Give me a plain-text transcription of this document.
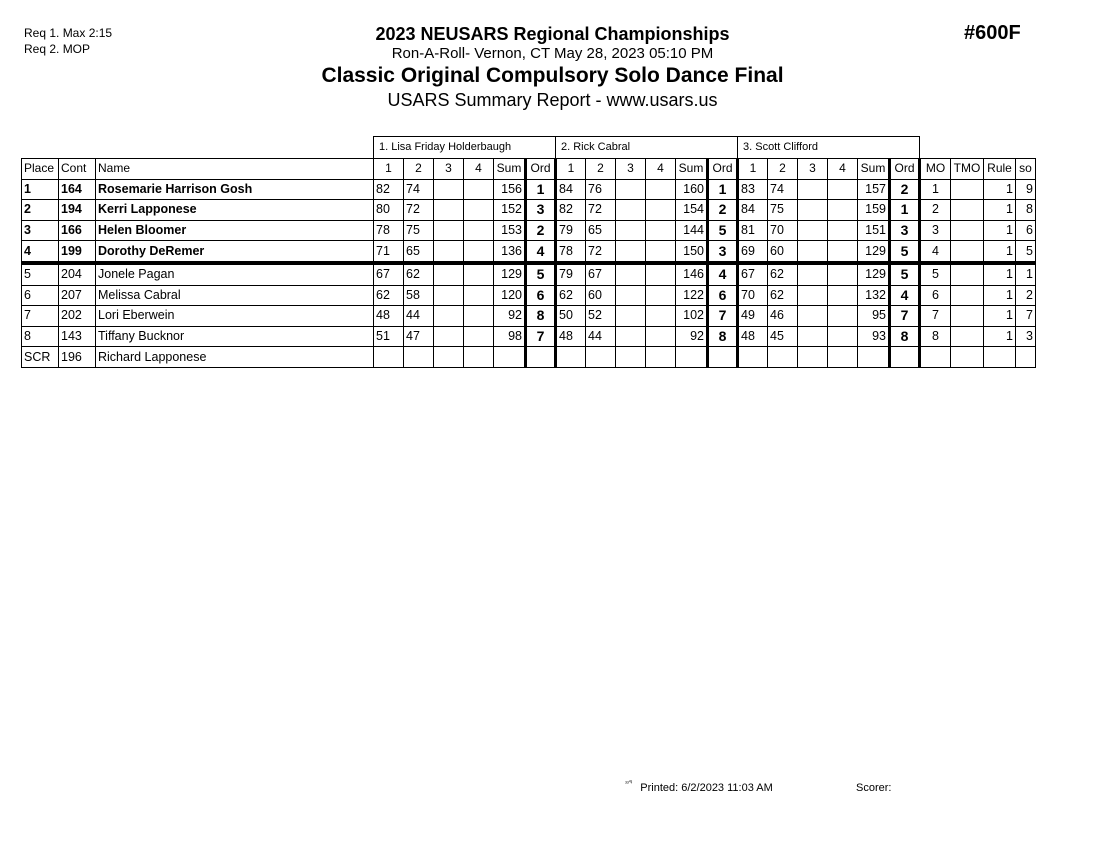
Req 1. Max 2:15
Req 2. MOP
#600F
2023 NEUSARS Regional Championships
Ron-A-Roll- Vernon, CT May 28, 2023 05:10 PM
Classic Original Compulsory Solo Dance Final
USARS Summary Report - www.usars.us
			1. Lisa Friday Holderbaugh						2. Rick Cabral						3. Scott Clifford									
Place	Cont	Name	1	2	3	4	Sum	Ord	1	2	3	4	Sum	Ord	1	2	3	4	Sum	Ord	MO	TMO	Rule	so
1	164	Rosemarie Harrison Gosh	82	74			156	1	84	76			160	1	83	74			157	2	1		1	9
2	194	Kerri Lapponese	80	72			152	3	82	72			154	2	84	75			159	1	2		1	8
3	166	Helen Bloomer	78	75			153	2	79	65			144	5	81	70			151	3	3		1	6
4	199	Dorothy DeRemer	71	65			136	4	78	72			150	3	69	60			129	5	4		1	5
5	204	Jonele Pagan	67	62			129	5	79	67			146	4	67	62			129	5	5		1	1
6	207	Melissa Cabral	62	58			120	6	62	60			122	6	70	62			132	4	6		1	2
7	202	Lori Eberwein	48	44			92	8	50	52			102	7	49	46			95	7	7		1	7
8	143	Tiffany Bucknor	51	47			98	7	48	44			92	8	48	45			93	8	8		1	3
SCR	196	Richard Lapponese																						
$^{ᵌᵌ'ᶣ}$ Printed: 6/2/2023 11:03 AM	Scorer:
